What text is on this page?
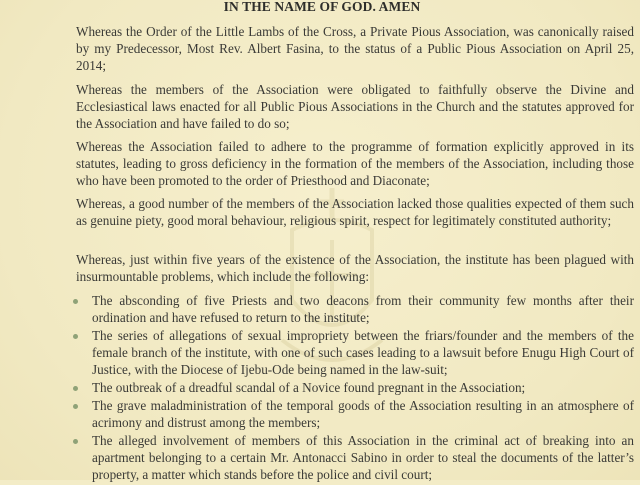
IN THE NAME OF GOD. AMEN

Whereas the Order of the Little Lambs of the Cross, a Private Pious Association, was canonically raised by my Predecessor, Most Rev. Albert Fasina, to the status of a Public Pious Association on April 25, 2014;

Whereas the members of the Association were obligated to faithfully observe the Divine and Ecclesiastical laws enacted for all Public Pious Associations in the Church and the statutes approved for the Association and have failed to do so;

Whereas the Association failed to adhere to the programme of formation explicitly approved in its statutes, leading to gross deficiency in the formation of the members of the Association, including those who have been promoted to the order of Priesthood and Diaconate;

Whereas, a good number of the members of the Association lacked those qualities expected of them such as genuine piety, good moral behaviour, religious spirit, respect for legitimately constituted authority;

Whereas, just within five years of the existence of the Association, the institute has been plagued with insurmountable problems, which include the following:

The absconding of five Priests and two deacons from their community few months after their ordination and have refused to return to the institute;
The series of allegations of sexual impropriety between the friars/founder and the members of the female branch of the institute, with one of such cases leading to a lawsuit before Enugu High Court of Justice, with the Diocese of Ijebu-Ode being named in the law-suit;
The outbreak of a dreadful scandal of a Novice found pregnant in the Association;
The grave maladministration of the temporal goods of the Association resulting in an atmosphere of acrimony and distrust among the members;
The alleged involvement of members of this Association in the criminal act of breaking into an apartment belonging to a certain Mr. Antonacci Sabino in order to steal the documents of the latter’s property, a matter which stands before the police and civil court;
